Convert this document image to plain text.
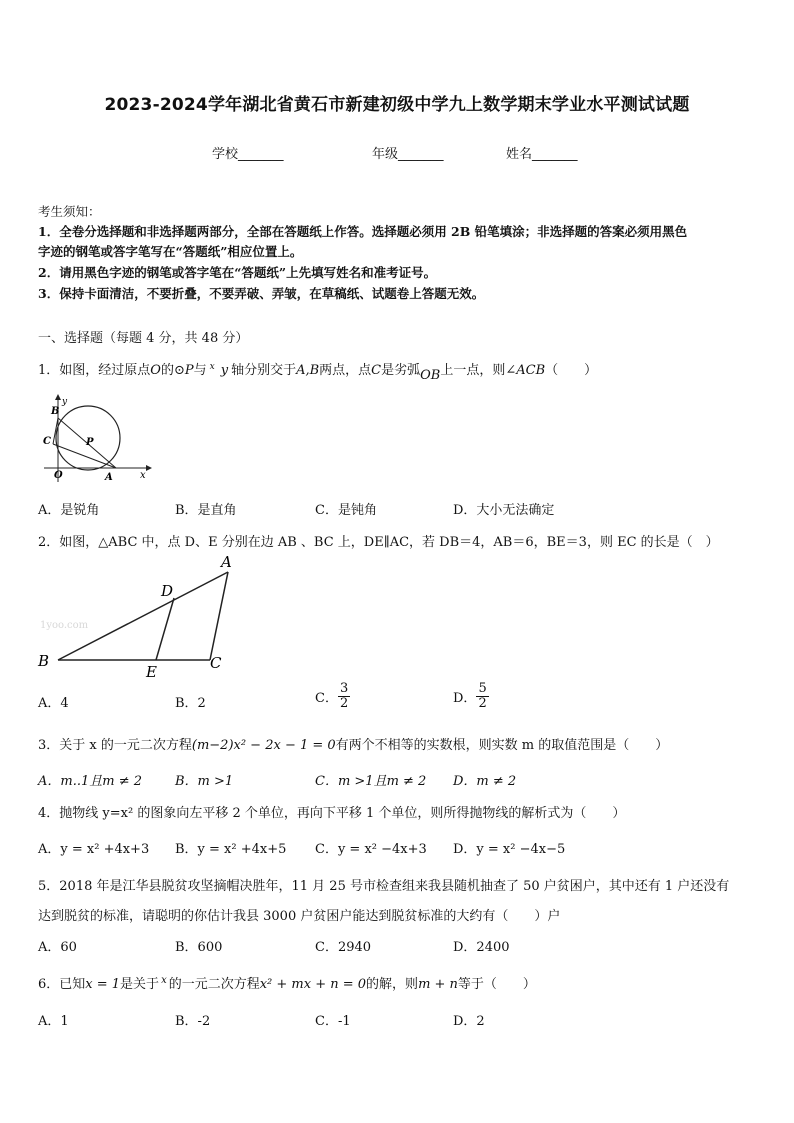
2023-2024学年湖北省黄石市新建初级中学九上数学期末学业水平测试试题
学校_______	年级_______	姓名_______
考生须知：
1．全卷分选择题和非选择题两部分，全部在答题纸上作答。选择题必须用 2B 铅笔填涂；非选择题的答案必须用黑色
字迹的钢笔或答字笔写在“答题纸”相应位置上。
2．请用黑色字迹的钢笔或答字笔在“答题纸”上先填写姓名和准考证号。
3．保持卡面清洁，不要折叠，不要弄破、弄皱，在草稿纸、试题卷上答题无效。
一、选择题（每题 4 分，共 48 分）
1．如图，经过原点O的⊙P与 $^x$ y 轴分别交于A,B两点，点C是劣弧OB上一点，则∠ACB（　　）
B
C	P
O	A	x
y
A．是锐角	B．是直角	C．是钝角	D．大小无法确定
2．如图，△ABC 中，点 D、E 分别在边 AB 、BC 上，DE∥AC，若 DB＝4，AB＝6，BE＝3，则 EC 的长是（　）
1yoo.com
A
D
B
E	C
A．4	B．2	C． $\frac{3}{2}$	D． $\frac{5}{2}$
3．关于 x 的一元二次方程(m−2)x² − 2x − 1 = 0有两个不相等的实数根，则实数 m 的取值范围是（　　）
A．m..1且m ≠ 2	B．m >1	C．m >1且m ≠ 2 D．m ≠ 2
4．抛物线 y=x² 的图象向左平移 2 个单位，再向下平移 1 个单位，则所得抛物线的解析式为（　　）
A．y = x² +4x+3 B．y = x² +4x+5 C．y = x² −4x+3 D．y = x² −4x−5
5．2018 年是江华县脱贫攻坚摘帽决胜年，11 月 25 号市检查组来我县随机抽查了 50 户贫困户，其中还有 1 户还没有
达到脱贫的标准，请聪明的你估计我县 3000 户贫困户能达到脱贫标准的大约有（　　）户
A．60	B．600	C．2940	D．2400
6．已知x = 1是关于 $^x$ 的一元二次方程x² + mx + n = 0的解，则m + n等于（　　）
A．1	B．-2	C．-1	D．2
